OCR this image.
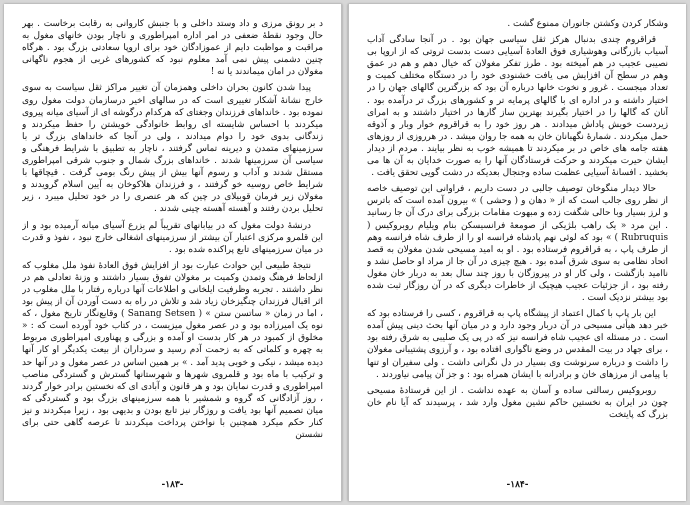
د بر رونق مرزی و داد وستد داخلی و با جنبش کاروانی به رقابت برخاست . بهر حال وجود نقطهٔ ضعفی در امر اداره امپراطوری و ناچار بودن خانهای مغول به مراقبت و مواظبت دایم از عموزادگان خود برای اروپا سعادتی بزرگ بود . هرگاه چنین دشمنی پیش نمی آمد معلوم نبود که کشورهای غربی از هجوم ناگهانی مغولان در امان میماندند یا نه !

پیدا شدن کانون بحران داخلی وهمزمان آن تغییر مراکز ثقل سیاست به سوی خارج نشانهٔ آشکار تغییری است که در سالهای اخیر درسازمان دولت مغول روی نموده بود . خانداهای فرزندان وجغتای که هرکدام درگوشه ای از آسیای میانه پیروی میکردند با احساس شایسته ای روابط خانوادگی خویشتن را حفظ میکردند و زندگانی بدوی خود را دوام میدادند ، ولی در آنجا که خانداهای بزرگ تر با سرزمینهای متمدن و دیرینه تماس گرفتند ، ناچار به تطبیق با شرایط فرهنگی و سیاسی آن سرزمینها شدند . خانداهای بزرگ شمال و جنوب شرقی امپراطوری مستقل شدند و آداب و رسوم آنها بیش از پیش رنگ بومی گرفت . قیچاقها با شرایط خاص روسیه خو گرفتند ، و فرزندان هلاکوخان به آیین اسلام گرویدند و مغولان زیر فرمان قوبیلای در چین که هر عنصری را در خود تحلیل میبرد ، زیر تحلیل بردن رفتند و آهسته آهسته چینی شدند .

درنشهٔ دولت مغول که در بیابانهای تقریباً لم یزرع آسیای میانه آرمیده بود و از این قلمرو مرکزی اعتبار آن بیشتر از سرزمینهای اشغالی خارج نبود ، نفوذ و قدرت در میان سرزمینهای تابع پراکنده شده بود .

نتیجهٔ طبیعی این حوادث عبارت بود از افزایش فوق العادهٔ نفوذ ملل مغلوب که ازلحاظ فرهنگ وتمدن وکمیت بر مغولان تفوق بسیار داشتند و وزنهٔ تعادلی هم در نظر داشتند . تجربه وظرفیت ایلخانی و اطلاعات آنها درباره رفتار با ملل مغلوب در اثر اقبال فرزندان چنگیزخان زیاد شد و تلاش در راه به دست آوردن آن از پیش بود ، اما در زمان « ساتسن ستن » ( Sanang Setsen ) وقایع‌نگار تاریخ مغول ، که نوه یک امیرزاده بود و در عصر مغول میزیست ، در کتاب خود آورده است که : « مخلوق از کمبود در هر کار بدست او آمده و بزرگی و پهناوری امپراطوری مربوط به چهره و کلماتی که به زحمت آدم رسید و سرداران از بیعت یکدیگر او کار آنها دیده میشد ، نیکی و خوبی پدید آمد . » بر همین اساس در عصر مغول و در آنها حد و ترکیب با ماه بود و قلمروی شهرها و شهرستانها گسترش و گستردگی مناصب امپراطوری و قدرت نمایان بود و هر قانون و آبادی ای که نخستین برادر خوار گردند ، روز آزادگانی که گروه و شمشیر با همه سرزمینهای بزرگ بود و گستردگی که میان تصمیم آنها بود یافت و روزگار نیز تابع بودن و بدیهی بود ، زیرا میکردند و نیز کنار حکم میکرد همچنین با نواختن پرداخت میکردند تا عرصه گاهی حتی برای نشستن

-۱۸۳-

وشکار کردن وکشتن جانوران ممنوع گشت .

قراقروم چندی بدنبال هرکز ثقل سیاسی جهان بود . در آنجا سادگی آداب آسیاب بازرگانی وهوشیاری فوق العادهٔ آسیایی دست بدست ثروتی که از اروپا بی نصیبی عجیب در هم آمیخته بود . طرز تفکر مغولان که خیال دهم و هم در عمق وهم در سطح آن افزایش می یافت خشنودی خود را در دستگاه مختلف کمیت و تعداد میجست . غرور و نخوت خانها درباره آن بود که بزرگترین گالهای جهان را در اختیار داشته و در اداره ای با گالهای پرمایه تر و کشورهای بزرگ تر درآمده بود . آنان که گالها را در اختیار بگیرند بهترین ساز گارها در اختیار داشتند و به امرای زیردست خویش پاداش میدادند . هر روز خود را به قراقروم خوار وبار و آذوقه حمل میکردند . شمارهٔ نگهبانان خان به همه جا روان میشد . در هرروزی از روزهای هفته جامه های خاص در بر میکردند تا همیشه خوب به نظر بیایند . مردم از دیدار ایشان حیرت میکردند و حرکت فرستادگان آنها را به صورت خدایان به آن ها می بخشید . افسانهٔ آسیایی عظمت ساده وجنجال بعدیکه در دشت گویی تحقق یافت .

حالا دیدار منگوخان توصیف جالبی در دست داریم ، فراوانی این توصیف خاصه از نظر روی جالب است که از « دهان و ( وحشی ) » بیرون آمده است که باترس و لرز بسیار وبا حالی شگفت زده و مبهوت مقامات بزرگی برای درک آن جا رسانید . این مرد « یک راهب بلژیکی از صومعهٔ فرانسیسکن بنام ویلیام روبروکیس ( Rubruquis ) » بود که لوئی نهم پادشاه فرانسه او را از طرف شاه فرانسه وهم از طرف پاپ ، به قراقروم فرستاده بود . او به امید مسیحی شدن مغولان به قصد اتحاد نظامی به سوی شرق آمده بود . هیچ چیزی در آن جا از مراد او حاصل نشد و ناامید بازگشت ، ولی کار او در پیروزگان با روز چند سال بعد به دربار خان مغول رفته بود ، از جزئیات عجیب هیچیک از خاطرات دیگری که در آن روزگار ثبت شده بود بیشتر نزدیک است .

این بار پاپ با کمال اعتماد از پیشگاه پاپ به قراقروم ، کسی را فرستاده بود که خبر دهد هیأتی مسیحی در آن دربار وجود دارد و در میان آنها بحث دینی پیش آمده است . در مسئله ای عجیب شاه فرانسه نیز که در پی یک صلیبی به شرق رفته بود ، برای جهاد در بیت المقدس در وضع ناگواری افتاده بود ، و آرزوی پشتیبانی مغولان را داشت و درباره سرنوشت وی بسیار در دل نگرانی داشت . ولی سفیران او تنها با پیامی از مرزهای خان و برادرانه با ایشان همراه بود : و جز آن پیامی نیاوردند .

روبروکیس رسالتی ساده و آسان به عهده نداشت . از این فرستادهٔ مسیحی چون در ایران به نخستین حاکم نشین مغول وارد شد ، پرسیدند که آیا نام خان بزرگ که پایتخت

-۱۸۴-
